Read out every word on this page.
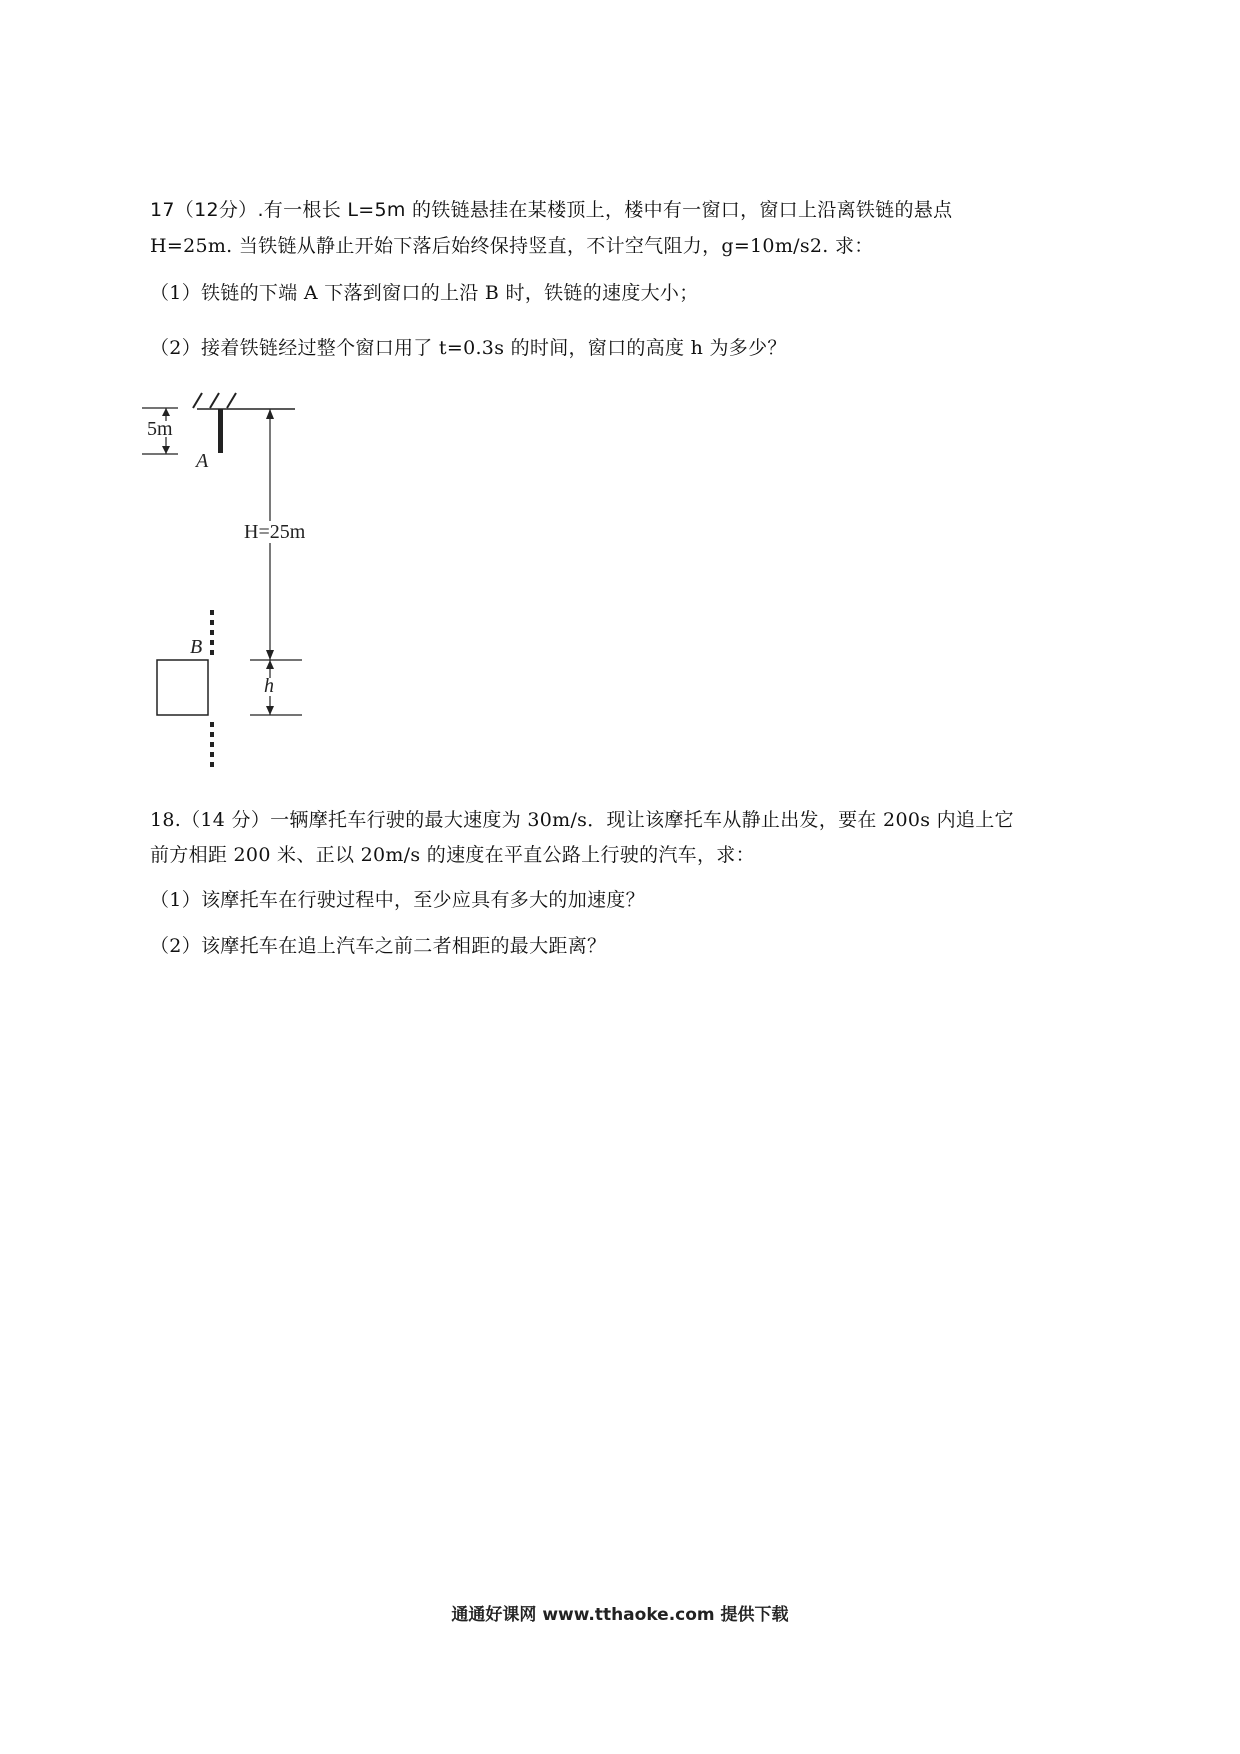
17（12分）.有一根长 L=5m 的铁链悬挂在某楼顶上，楼中有一窗口，窗口上沿离铁链的悬点
H=25m. 当铁链从静止开始下落后始终保持竖直，不计空气阻力，g=10m/s2. 求：
（1）铁链的下端 A 下落到窗口的上沿 B 时，铁链的速度大小；
（2）接着铁链经过整个窗口用了 t=0.3s 的时间，窗口的高度 h 为多少？
5m
A
H=25m
h
B
18.（14 分）一辆摩托车行驶的最大速度为 30m/s．现让该摩托车从静止出发，要在 200s 内追上它
前方相距 200 米、正以 20m/s 的速度在平直公路上行驶的汽车，求：
（1）该摩托车在行驶过程中，至少应具有多大的加速度？
（2）该摩托车在追上汽车之前二者相距的最大距离？
通通好课网 www.tthaoke.com 提供下载
